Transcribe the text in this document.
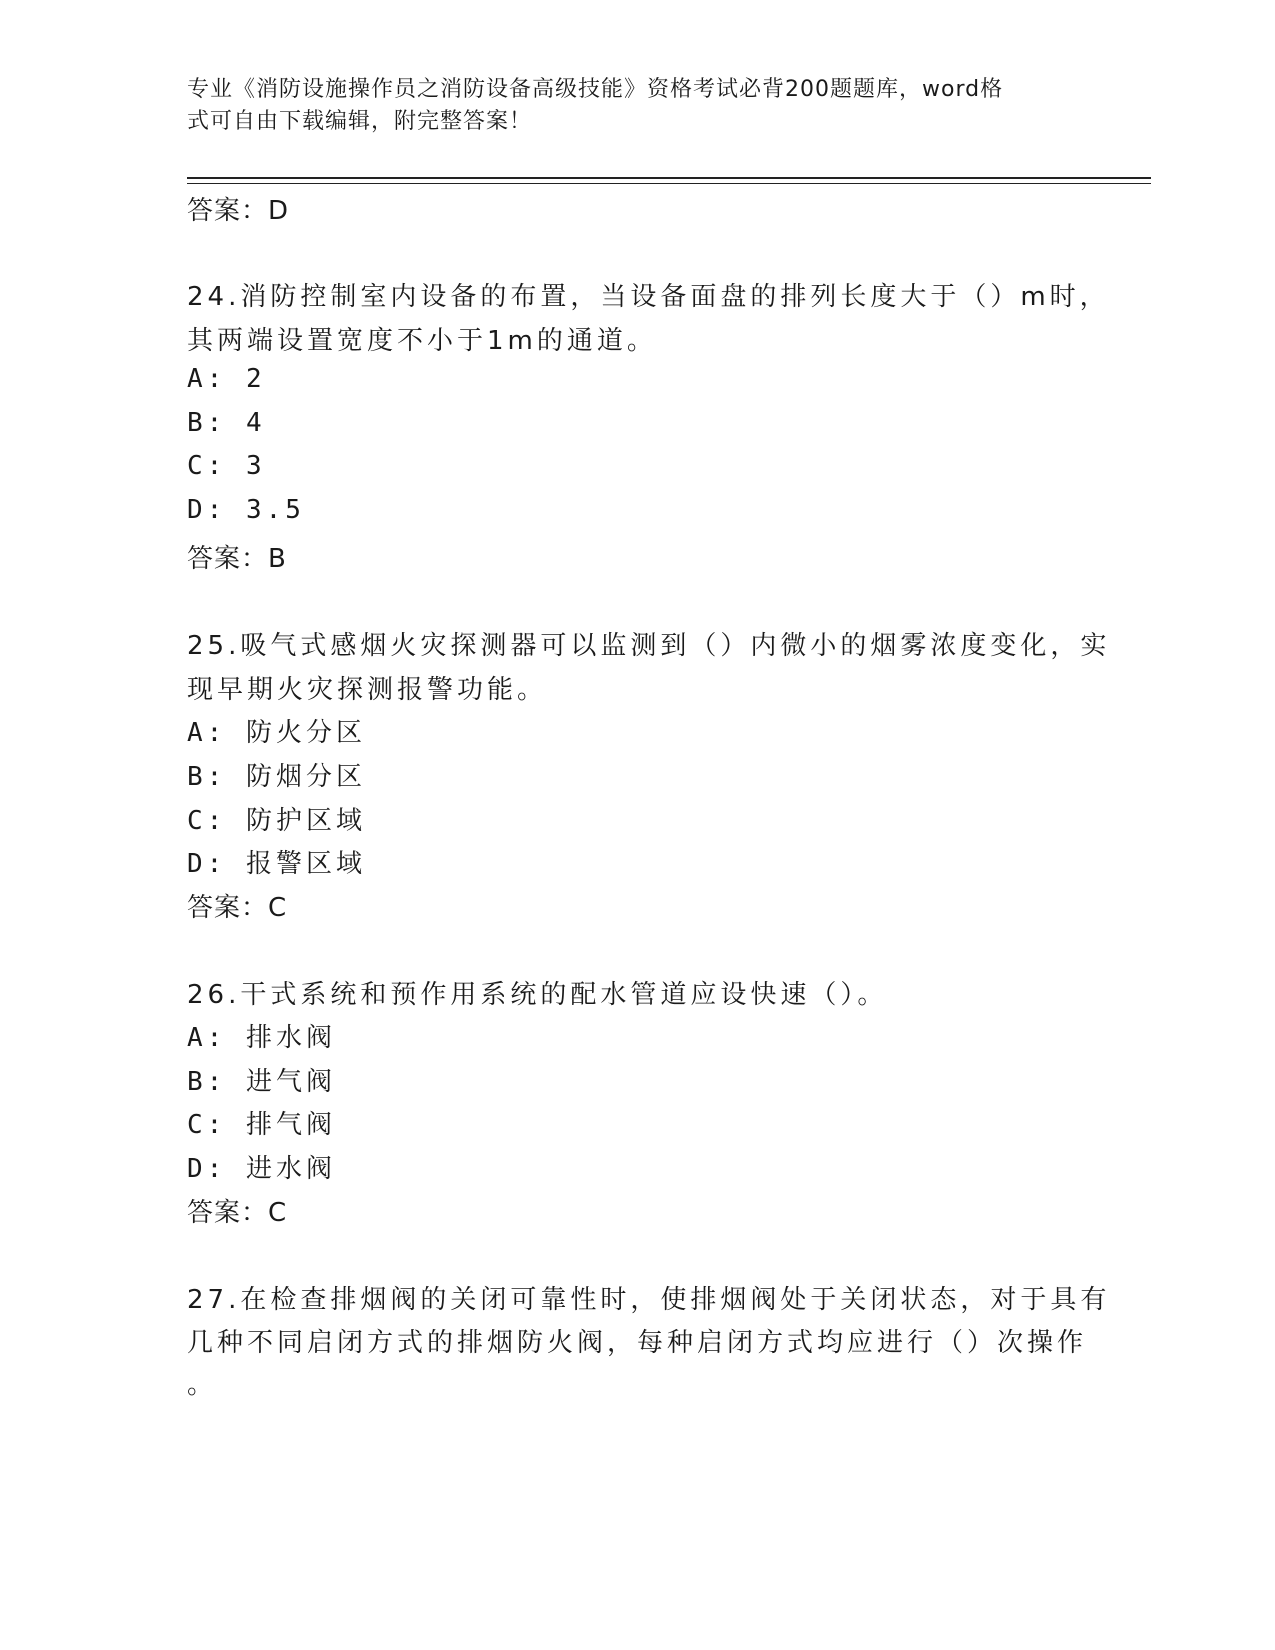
专业《消防设施操作员之消防设备高级技能》资格考试必背200题题库，word格
式可自由下载编辑，附完整答案！
答案：D
24.消防控制室内设备的布置，当设备面盘的排列长度大于（）m时，
其两端设置宽度不小于1m的通道。
A: 2
B: 4
C: 3
D: 3.5
答案：B
25.吸气式感烟火灾探测器可以监测到（）内微小的烟雾浓度变化，实
现早期火灾探测报警功能。
A: 防火分区
B: 防烟分区
C: 防护区域
D: 报警区域
答案：C
26.干式系统和预作用系统的配水管道应设快速（）。
A: 排水阀
B: 进气阀
C: 排气阀
D: 进水阀
答案：C
27.在检查排烟阀的关闭可靠性时，使排烟阀处于关闭状态，对于具有
几种不同启闭方式的排烟防火阀，每种启闭方式均应进行（）次操作
。
